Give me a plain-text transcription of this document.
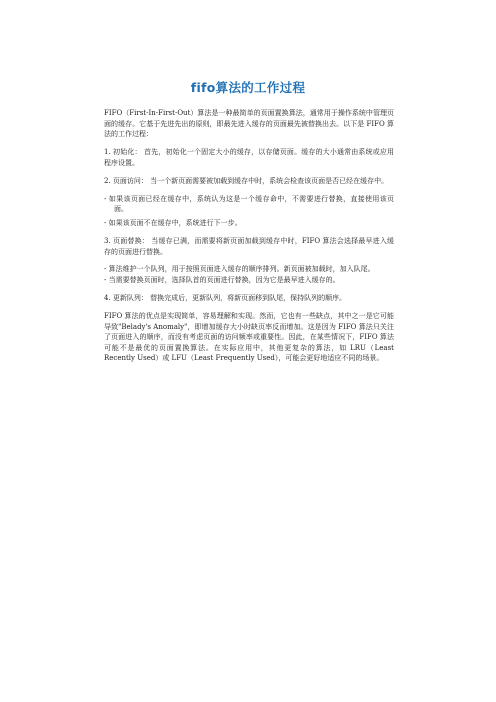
fifo算法的工作过程

FIFO（First-In-First-Out）算法是一种最简单的页面置换算法，通常用于操作系统中管理页面的缓存。它基于先进先出的原则，即最先进入缓存的页面最先被替换出去。以下是 FIFO 算法的工作过程：

1. 初始化： 首先，初始化一个固定大小的缓存，以存储页面。缓存的大小通常由系统或应用程序设置。

2. 页面访问： 当一个新页面需要被加载到缓存中时，系统会检查该页面是否已经在缓存中。

- 如果该页面已经在缓存中，系统认为这是一个缓存命中，不需要进行替换，直接使用该页面。
- 如果该页面不在缓存中，系统进行下一步。

3. 页面替换： 当缓存已满，而需要将新页面加载到缓存中时，FIFO 算法会选择最早进入缓存的页面进行替换。

- 算法维护一个队列，用于按照页面进入缓存的顺序排列。新页面被加载时，加入队尾。
- 当需要替换页面时，选择队首的页面进行替换，因为它是最早进入缓存的。

4. 更新队列： 替换完成后，更新队列，将新页面移到队尾，保持队列的顺序。

FIFO 算法的优点是实现简单，容易理解和实现。然而，它也有一些缺点，其中之一是它可能导致"Belady's Anomaly"，即增加缓存大小时缺页率反而增加。这是因为 FIFO 算法只关注了页面进入的顺序，而没有考虑页面的访问频率或重要性。因此，在某些情况下，FIFO 算法可能不是最优的页面置换算法。在实际应用中，其他更复杂的算法，如 LRU（Least Recently Used）或 LFU（Least Frequently Used），可能会更好地适应不同的场景。
